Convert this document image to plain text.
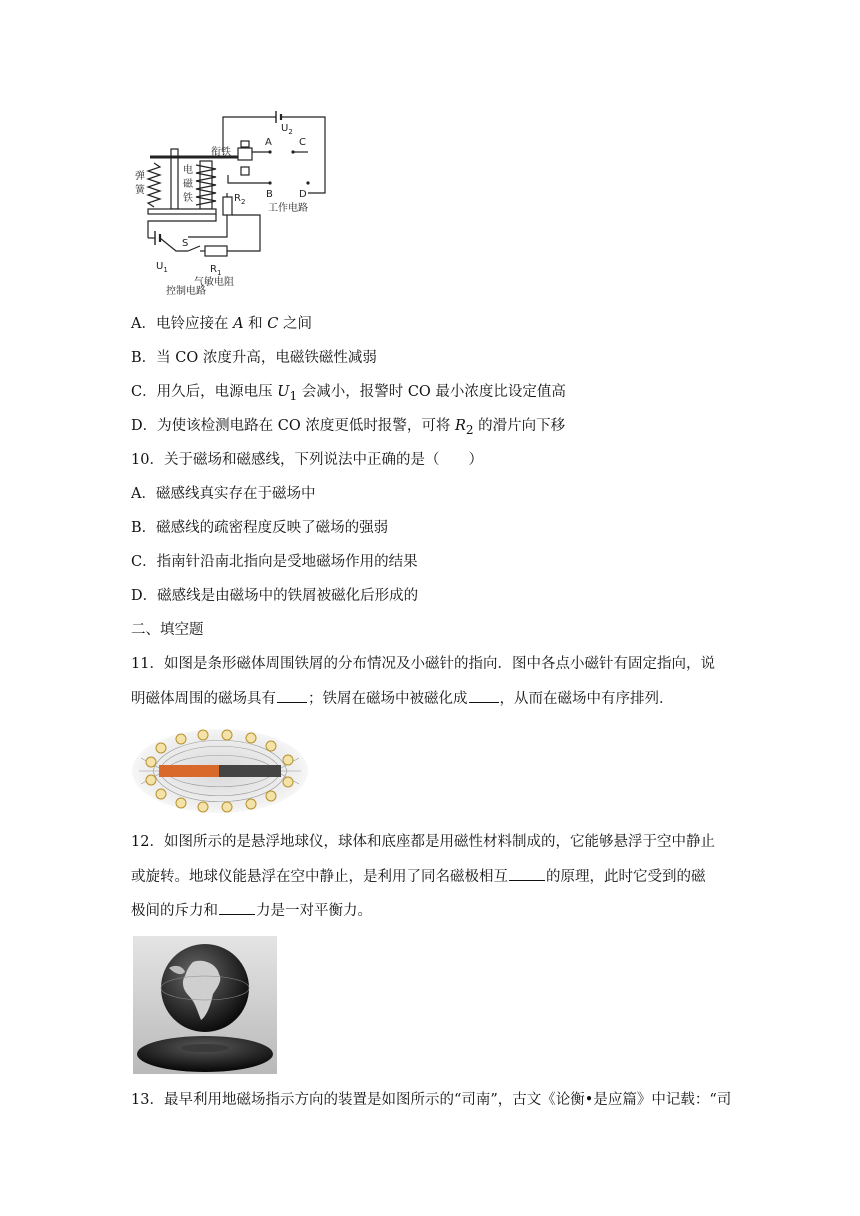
$U_2$
A	C
B	D
衔铁
弹
簧
电
磁
铁	$R_2$
工作电路
S
$U_1$	$R_1$
气敏电阻
控制电路
A．电铃应接在 A 和 C 之间
B．当 CO 浓度升高，电磁铁磁性减弱
C．用久后，电源电压 $U_1$ 会减小，报警时 CO 最小浓度比设定值高
D．为使该检测电路在 CO 浓度更低时报警，可将 $R_2$ 的滑片向下移
10．关于磁场和磁感线，下列说法中正确的是（　　）
A．磁感线真实存在于磁场中
B．磁感线的疏密程度反映了磁场的强弱
C．指南针沿南北指向是受地磁场作用的结果
D．磁感线是由磁场中的铁屑被磁化后形成的
二、填空题
11．如图是条形磁体周围铁屑的分布情况及小磁针的指向．图中各点小磁针有固定指向，说
明磁体周围的磁场具有 ；铁屑在磁场中被磁化成 ，从而在磁场中有序排列．
12．如图所示的是悬浮地球仪，球体和底座都是用磁性材料制成的，它能够悬浮于空中静止
或旋转。地球仪能悬浮在空中静止，是利用了同名磁极相互	的原理，此时它受到的磁
极间的斥力和	力是一对平衡力。
13．最早利用地磁场指示方向的装置是如图所示的“司南”，古文《论衡•是应篇》中记载：“司
